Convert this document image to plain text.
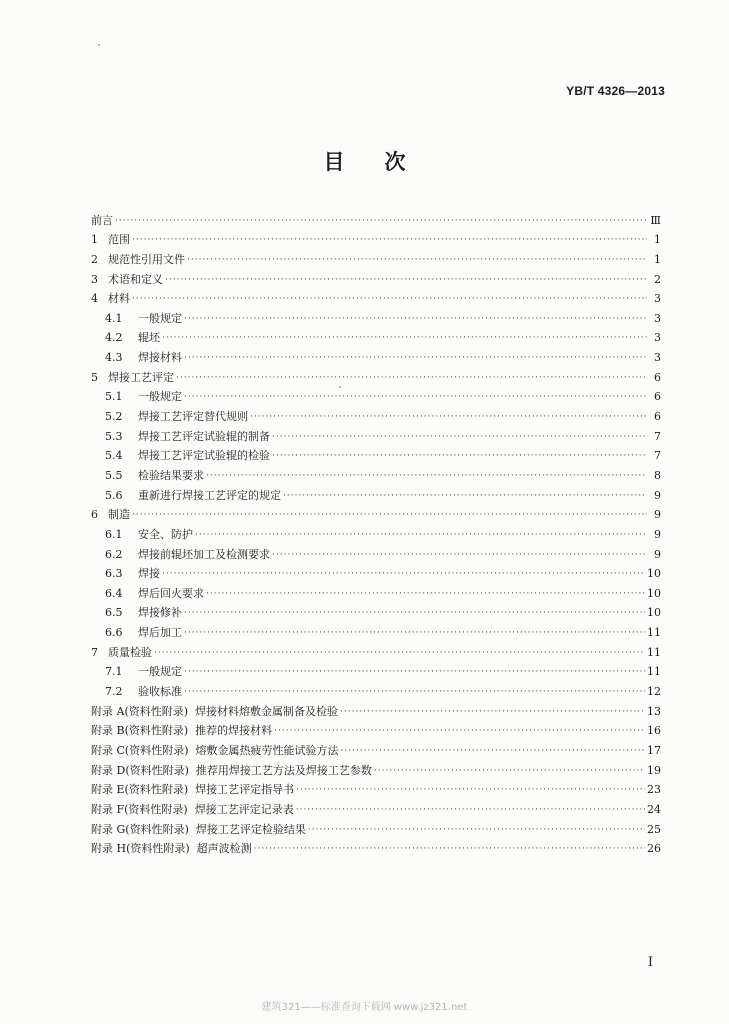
YB/T 4326—2013
目 次
前言 ·····	Ⅲ
1 范围 ·····	1
2 规范性引用文件 ·····	1
3 术语和定义 ·····	2
4 材料 ·····	3
4.1	一般规定 ·····	3
4.2	辊坯 ·····	3
4.3	焊接材料 ·····	3
5 焊接工艺评定 ·····	6
5.1	一般规定 ·····	6
5.2	焊接工艺评定替代规则 ·····	6
5.3	焊接工艺评定试验辊的制备 ·····	7
5.4	焊接工艺评定试验辊的检验 ·····	7
5.5	检验结果要求 ·····	8
5.6	重新进行焊接工艺评定的规定 ·····	9
6 制造 ·····	9
6.1	安全、防护 ·····	9
6.2	焊接前辊坯加工及检测要求 ·····	9
6.3	焊接 ·····	10
6.4	焊后回火要求 ·····	10
6.5	焊接修补 ·····	10
6.6	焊后加工 ·····	11
7 质量检验 ·····	11
7.1	一般规定 ·····	11
7.2	验收标准 ·····	12
附录 A(资料性附录)  焊接材料熔敷金属制备及检验 ·····	13
附录 B(资料性附录)  推荐的焊接材料 ·····	16
附录 C(资料性附录)  熔敷金属热疲劳性能试验方法 ·····	17
附录 D(资料性附录)  推荐用焊接工艺方法及焊接工艺参数 ·····	19
附录 E(资料性附录)  焊接工艺评定指导书 ·····	23
附录 F(资料性附录)  焊接工艺评定记录表 ·····	24
附录 G(资料性附录)  焊接工艺评定检验结果 ·····	25
附录 H(资料性附录)  超声波检测 ·····	26
I
建筑321——标准查询下载网 www.jz321.net
